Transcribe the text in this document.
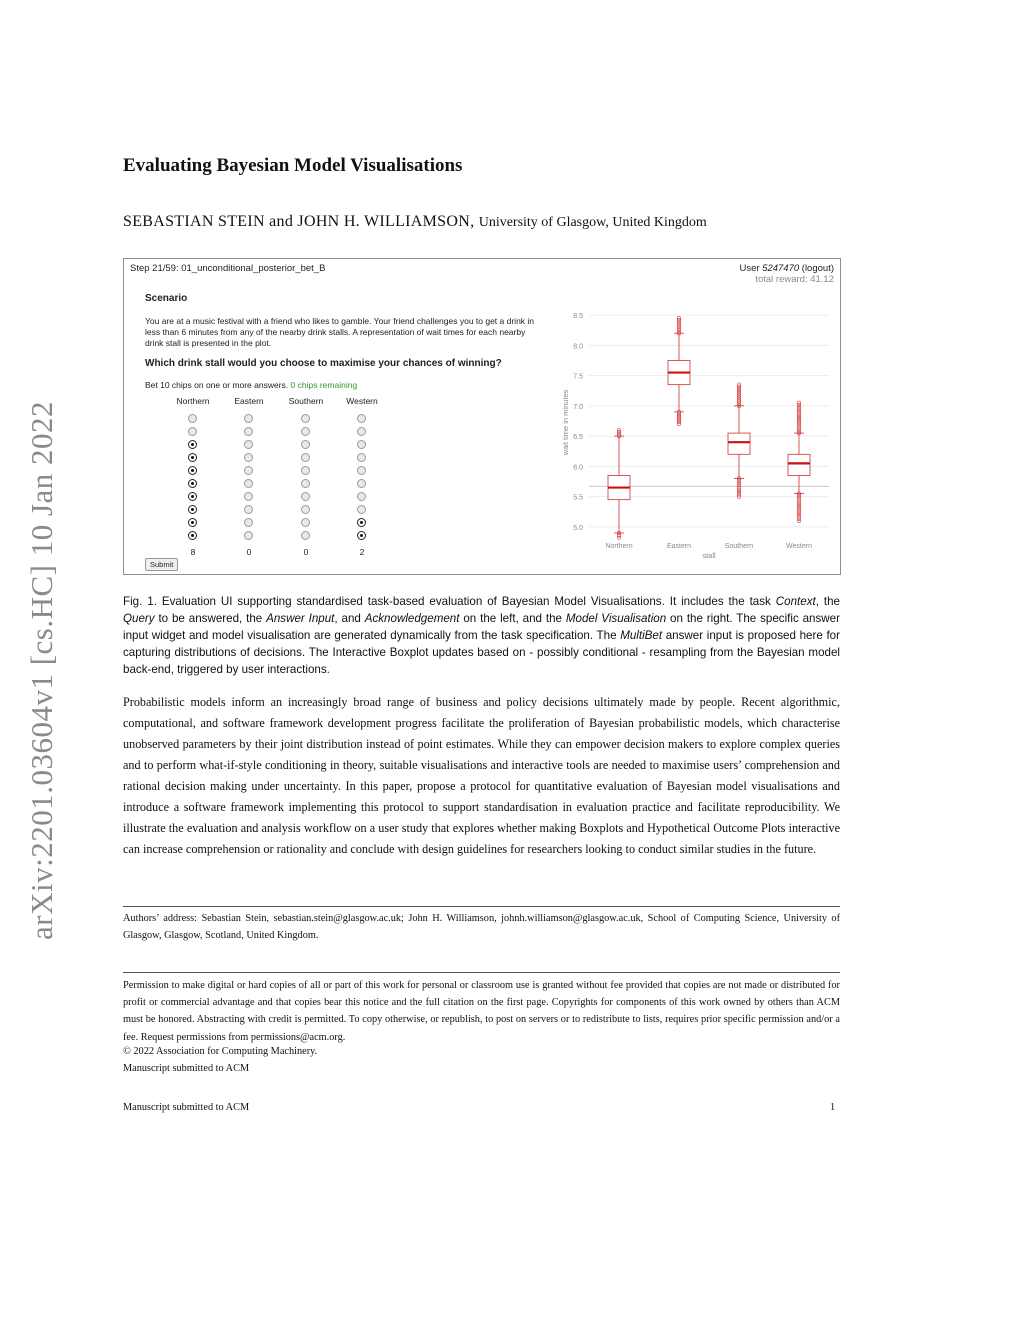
arXiv:2201.03604v1 [cs.HC] 10 Jan 2022
Evaluating Bayesian Model Visualisations
SEBASTIAN STEIN and JOHN H. WILLIAMSON, University of Glasgow, United Kingdom
Step 21/59: 01_unconditional_posterior_bet_B	User 5247470 (logout)
total reward: 41.12
Scenario
You are at a music festival with a friend who likes to gamble. Your friend challenges you to get a drink in less than 6 minutes from any of the nearby drink stalls. A representation of wait times for each nearby drink stall is presented in the plot.
Which drink stall would you choose to maximise your chances of winning?
Bet 10 chips on one or more answers. 0 chips remaining
Northern	Eastern	Southern	Western
8	0	0	2
Submit
5.0
5.5
6.0
6.5
7.0
7.5
8.0
8.5
wait time in minutes
Northern	Eastern	Southern	Western
stall
Fig. 1. Evaluation UI supporting standardised task-based evaluation of Bayesian Model Visualisations. It includes the task Context, the Query to be answered, the Answer Input, and Acknowledgement on the left, and the Model Visualisation on the right. The specific answer input widget and model visualisation are generated dynamically from the task specification. The MultiBet answer input is proposed here for capturing distributions of decisions. The Interactive Boxplot updates based on - possibly conditional - resampling from the Bayesian model back-end, triggered by user interactions.
Probabilistic models inform an increasingly broad range of business and policy decisions ultimately made by people. Recent algorithmic, computational, and software framework development progress facilitate the proliferation of Bayesian probabilistic models, which characterise unobserved parameters by their joint distribution instead of point estimates. While they can empower decision makers to explore complex queries and to perform what-if-style conditioning in theory, suitable visualisations and interactive tools are needed to maximise users’ comprehension and rational decision making under uncertainty. In this paper, propose a protocol for quantitative evaluation of Bayesian model visualisations and introduce a software framework implementing this protocol to support standardisation in evaluation practice and facilitate reproducibility. We illustrate the evaluation and analysis workflow on a user study that explores whether making Boxplots and Hypothetical Outcome Plots interactive can increase comprehension or rationality and conclude with design guidelines for researchers looking to conduct similar studies in the future.
Authors’ address: Sebastian Stein, sebastian.stein@glasgow.ac.uk; John H. Williamson, johnh.williamson@glasgow.ac.uk, School of Computing Science, University of Glasgow, Glasgow, Scotland, United Kingdom.
Permission to make digital or hard copies of all or part of this work for personal or classroom use is granted without fee provided that copies are not made or distributed for profit or commercial advantage and that copies bear this notice and the full citation on the first page. Copyrights for components of this work owned by others than ACM must be honored. Abstracting with credit is permitted. To copy otherwise, or republish, to post on servers or to redistribute to lists, requires prior specific permission and/or a fee. Request permissions from permissions@acm.org.
© 2022 Association for Computing Machinery.
Manuscript submitted to ACM
Manuscript submitted to ACM	1
